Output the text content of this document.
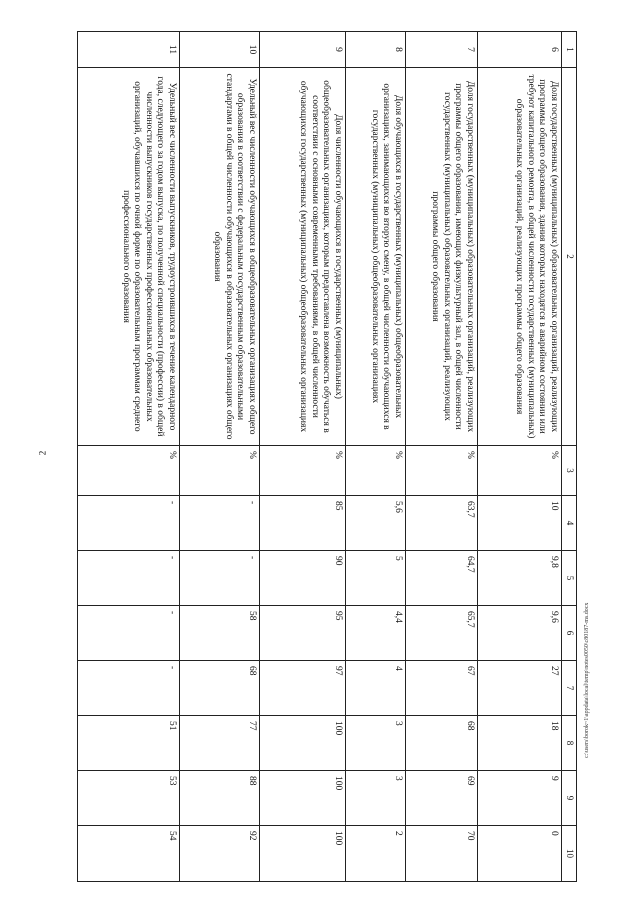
2
1	2	3	4	5	6	7	8	9	10
6	Доля государственных (муниципальных) образовательных организаций, реализующих программы общего образования, здания которых находятся в аварийном состоянии или требуют капитального ремонта, в общей численности государственных (муниципальных) образовательных организаций, реализующих программы общего образования	%	10	9,8	9,6	27	18	9	0
7	Доля государственных (муниципальных) образовательных организаций, реализующих программы общего образования, имеющих физкультурный зал, в общей численности государственных (муниципальных) образовательных организаций, реализующих программы общего образования	%	63,7	64,7	65,7	67	68	69	70
8	Доля обучающихся в государственных (муниципальных) общеобразовательных организациях, занимающихся во вторую смену, в общей численности обучающихся в государственных (муниципальных) общеобразовательных организациях	%	5,6	5	4,4	4	3	3	2
9	Доля численности обучающихся в государственных (муниципальных) общеобразовательных организациях, которым предоставлена возможность обучаться в соответствии с основными современными требованиями, в общей численности обучающихся государственных (муниципальных) общеобразовательных организациях	%	85	90	95	97	100	100	100
10	Удельный вес численности обучающихся в общеобразовательных организациях общего образования в соответствии с федеральным государственным образовательными стандартами в общей численности обучающихся в образовательных организациях общего образования	%	-	-	58	68	77	88	92
11	Удельный вес численности выпускников, трудоустроившихся в течение календарного года, следующего за годом выпуска, по полученной специальности (профессии) в общей численности выпускников государственных профессиональных образовательных организаций, обучавшихся по очной форме по образовательным программам среднего профессионального образования	%	-	-	-	-	51	53	54
c:\users\borok~1\appdata\local\temp\notes0050\c80187-ms.docx
